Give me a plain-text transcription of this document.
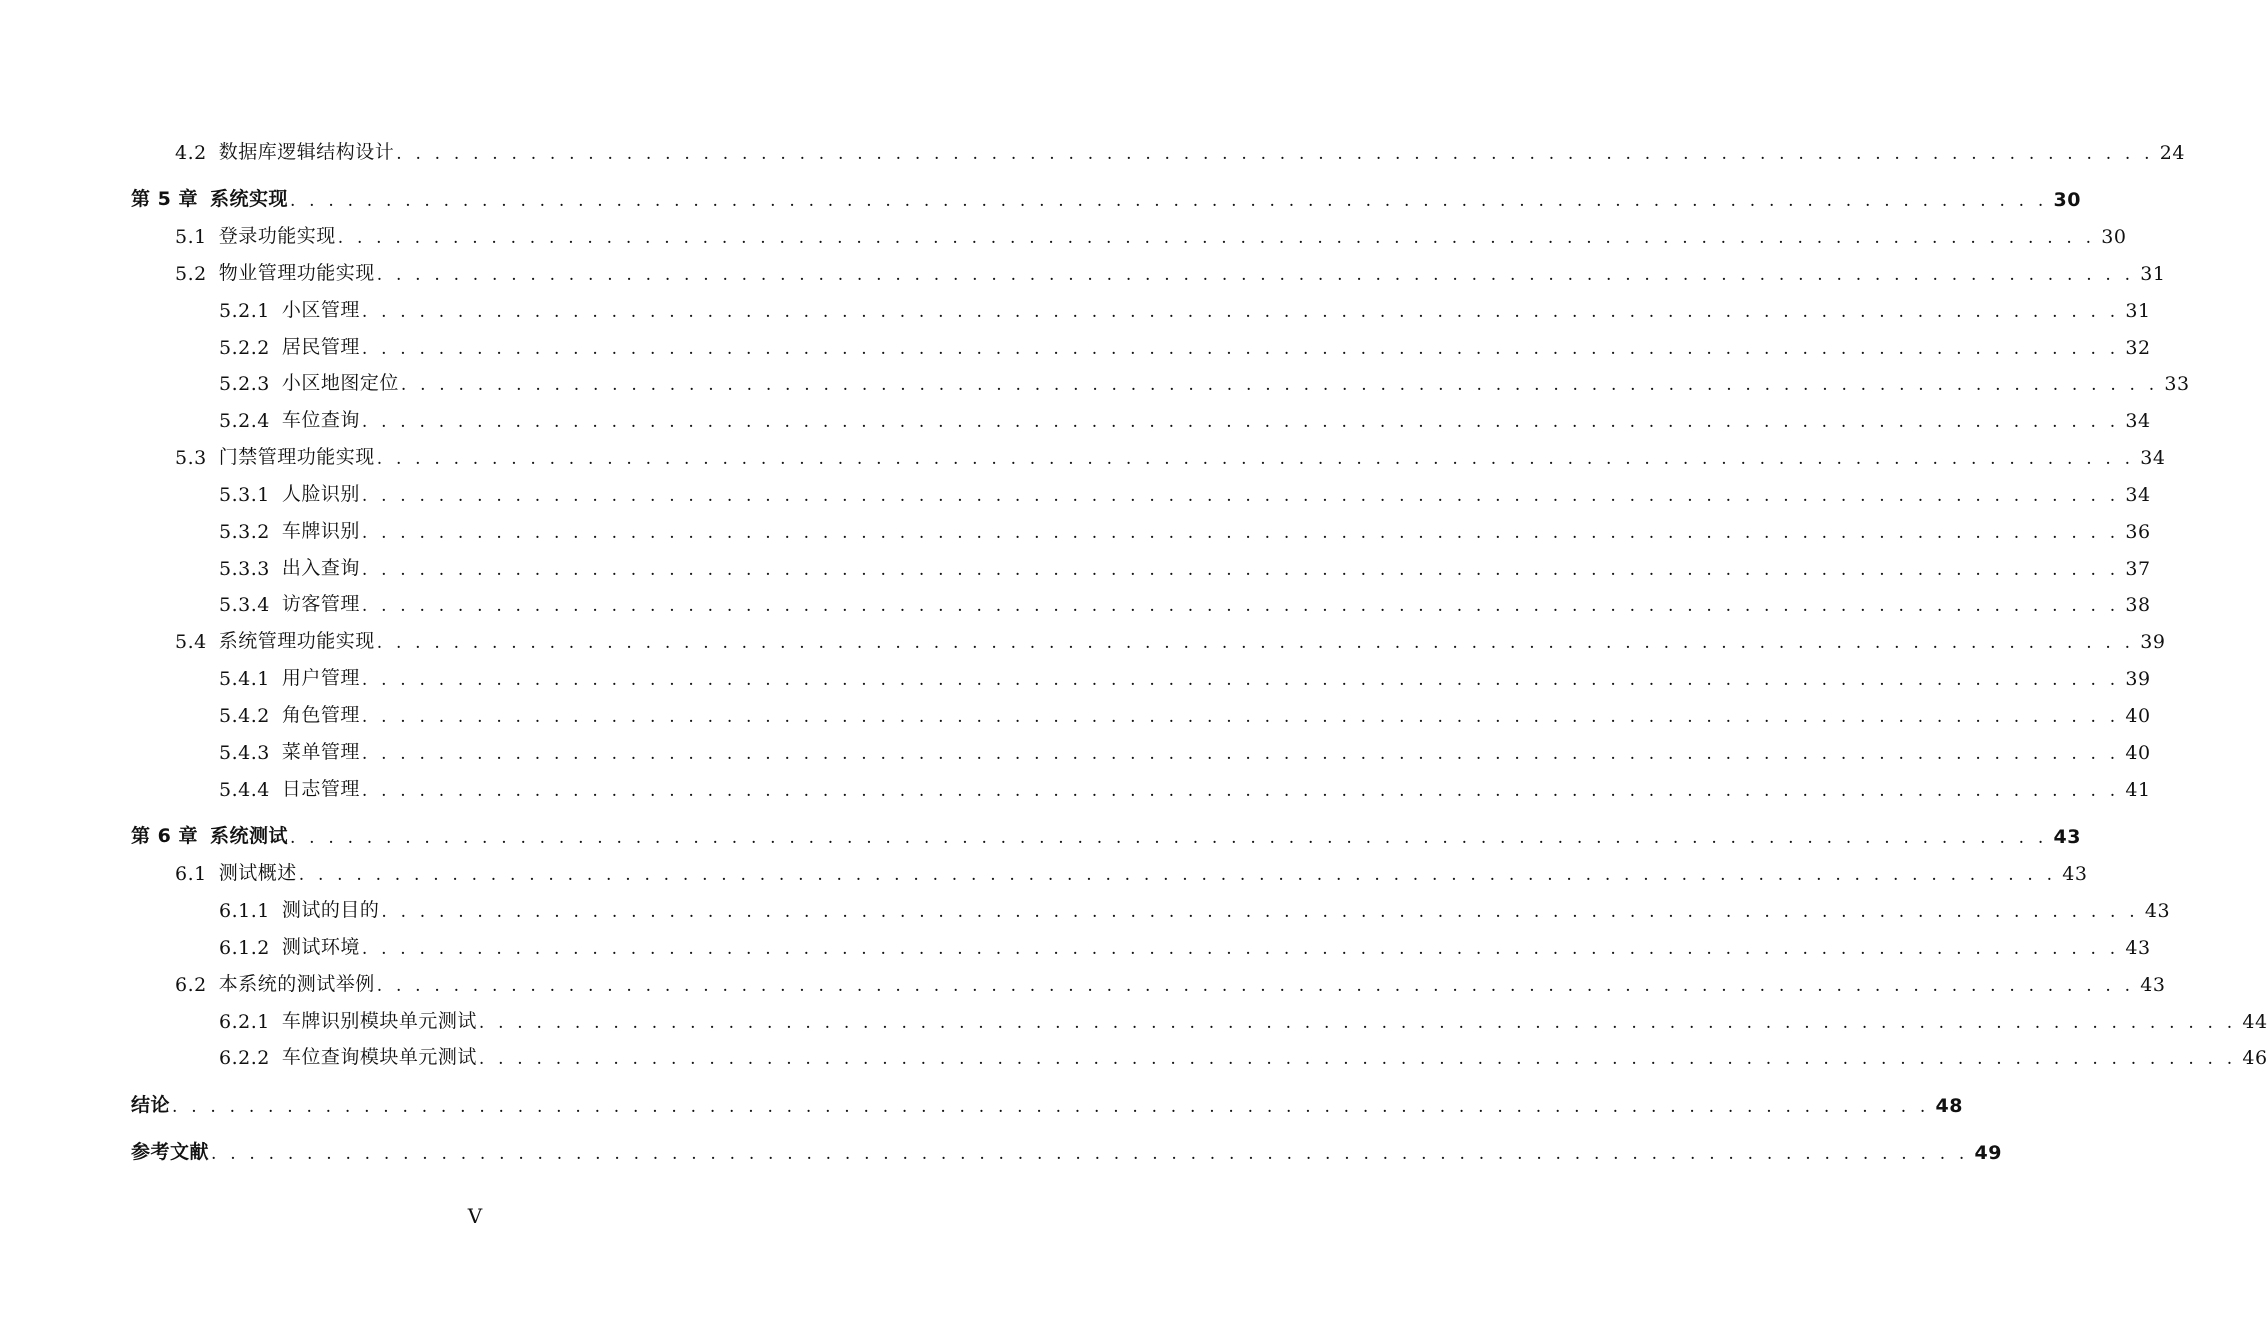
4.2 数据库逻辑结构设计 . . . . . . . . . . . . . . . . . . . . . . . . . . . . . . . . . . . . . . . . . . . . . . . . . . . . . . . . . . . . . . . . . . . . . . . . . . . . . . . . . . . . . . . . . . . . 24
第 5 章 系统实现 . . . . . . . . . . . . . . . . . . . . . . . . . . . . . . . . . . . . . . . . . . . . . . . . . . . . . . . . . . . . . . . . . . . . . . . . . . . . . . . . . . . . . . . . . . . . 30
5.1 登录功能实现 . . . . . . . . . . . . . . . . . . . . . . . . . . . . . . . . . . . . . . . . . . . . . . . . . . . . . . . . . . . . . . . . . . . . . . . . . . . . . . . . . . . . . . . . . . . . 30
5.2 物业管理功能实现 . . . . . . . . . . . . . . . . . . . . . . . . . . . . . . . . . . . . . . . . . . . . . . . . . . . . . . . . . . . . . . . . . . . . . . . . . . . . . . . . . . . . . . . . . . . . 31
5.2.1 小区管理 . . . . . . . . . . . . . . . . . . . . . . . . . . . . . . . . . . . . . . . . . . . . . . . . . . . . . . . . . . . . . . . . . . . . . . . . . . . . . . . . . . . . . . . . . . . . 31
5.2.2 居民管理 . . . . . . . . . . . . . . . . . . . . . . . . . . . . . . . . . . . . . . . . . . . . . . . . . . . . . . . . . . . . . . . . . . . . . . . . . . . . . . . . . . . . . . . . . . . . 32
5.2.3 小区地图定位 . . . . . . . . . . . . . . . . . . . . . . . . . . . . . . . . . . . . . . . . . . . . . . . . . . . . . . . . . . . . . . . . . . . . . . . . . . . . . . . . . . . . . . . . . . . . 33
5.2.4 车位查询 . . . . . . . . . . . . . . . . . . . . . . . . . . . . . . . . . . . . . . . . . . . . . . . . . . . . . . . . . . . . . . . . . . . . . . . . . . . . . . . . . . . . . . . . . . . . 34
5.3 门禁管理功能实现 . . . . . . . . . . . . . . . . . . . . . . . . . . . . . . . . . . . . . . . . . . . . . . . . . . . . . . . . . . . . . . . . . . . . . . . . . . . . . . . . . . . . . . . . . . . . 34
5.3.1 人脸识别 . . . . . . . . . . . . . . . . . . . . . . . . . . . . . . . . . . . . . . . . . . . . . . . . . . . . . . . . . . . . . . . . . . . . . . . . . . . . . . . . . . . . . . . . . . . . 34
5.3.2 车牌识别 . . . . . . . . . . . . . . . . . . . . . . . . . . . . . . . . . . . . . . . . . . . . . . . . . . . . . . . . . . . . . . . . . . . . . . . . . . . . . . . . . . . . . . . . . . . . 36
5.3.3 出入查询 . . . . . . . . . . . . . . . . . . . . . . . . . . . . . . . . . . . . . . . . . . . . . . . . . . . . . . . . . . . . . . . . . . . . . . . . . . . . . . . . . . . . . . . . . . . . 37
5.3.4 访客管理 . . . . . . . . . . . . . . . . . . . . . . . . . . . . . . . . . . . . . . . . . . . . . . . . . . . . . . . . . . . . . . . . . . . . . . . . . . . . . . . . . . . . . . . . . . . . 38
5.4 系统管理功能实现 . . . . . . . . . . . . . . . . . . . . . . . . . . . . . . . . . . . . . . . . . . . . . . . . . . . . . . . . . . . . . . . . . . . . . . . . . . . . . . . . . . . . . . . . . . . . 39
5.4.1 用户管理 . . . . . . . . . . . . . . . . . . . . . . . . . . . . . . . . . . . . . . . . . . . . . . . . . . . . . . . . . . . . . . . . . . . . . . . . . . . . . . . . . . . . . . . . . . . . 39
5.4.2 角色管理 . . . . . . . . . . . . . . . . . . . . . . . . . . . . . . . . . . . . . . . . . . . . . . . . . . . . . . . . . . . . . . . . . . . . . . . . . . . . . . . . . . . . . . . . . . . . 40
5.4.3 菜单管理 . . . . . . . . . . . . . . . . . . . . . . . . . . . . . . . . . . . . . . . . . . . . . . . . . . . . . . . . . . . . . . . . . . . . . . . . . . . . . . . . . . . . . . . . . . . . 40
5.4.4 日志管理 . . . . . . . . . . . . . . . . . . . . . . . . . . . . . . . . . . . . . . . . . . . . . . . . . . . . . . . . . . . . . . . . . . . . . . . . . . . . . . . . . . . . . . . . . . . . 41
第 6 章 系统测试 . . . . . . . . . . . . . . . . . . . . . . . . . . . . . . . . . . . . . . . . . . . . . . . . . . . . . . . . . . . . . . . . . . . . . . . . . . . . . . . . . . . . . . . . . . . . 43
6.1 测试概述 . . . . . . . . . . . . . . . . . . . . . . . . . . . . . . . . . . . . . . . . . . . . . . . . . . . . . . . . . . . . . . . . . . . . . . . . . . . . . . . . . . . . . . . . . . . . 43
6.1.1 测试的目的 . . . . . . . . . . . . . . . . . . . . . . . . . . . . . . . . . . . . . . . . . . . . . . . . . . . . . . . . . . . . . . . . . . . . . . . . . . . . . . . . . . . . . . . . . . . . 43
6.1.2 测试环境 . . . . . . . . . . . . . . . . . . . . . . . . . . . . . . . . . . . . . . . . . . . . . . . . . . . . . . . . . . . . . . . . . . . . . . . . . . . . . . . . . . . . . . . . . . . . 43
6.2 本系统的测试举例 . . . . . . . . . . . . . . . . . . . . . . . . . . . . . . . . . . . . . . . . . . . . . . . . . . . . . . . . . . . . . . . . . . . . . . . . . . . . . . . . . . . . . . . . . . . . 43
6.2.1 车牌识别模块单元测试 . . . . . . . . . . . . . . . . . . . . . . . . . . . . . . . . . . . . . . . . . . . . . . . . . . . . . . . . . . . . . . . . . . . . . . . . . . . . . . . . . . . . . . . . . . . . 44
6.2.2 车位查询模块单元测试 . . . . . . . . . . . . . . . . . . . . . . . . . . . . . . . . . . . . . . . . . . . . . . . . . . . . . . . . . . . . . . . . . . . . . . . . . . . . . . . . . . . . . . . . . . . . 46
结论 . . . . . . . . . . . . . . . . . . . . . . . . . . . . . . . . . . . . . . . . . . . . . . . . . . . . . . . . . . . . . . . . . . . . . . . . . . . . . . . . . . . . . . . . . . . . 48
参考文献 . . . . . . . . . . . . . . . . . . . . . . . . . . . . . . . . . . . . . . . . . . . . . . . . . . . . . . . . . . . . . . . . . . . . . . . . . . . . . . . . . . . . . . . . . . . . 49
V
